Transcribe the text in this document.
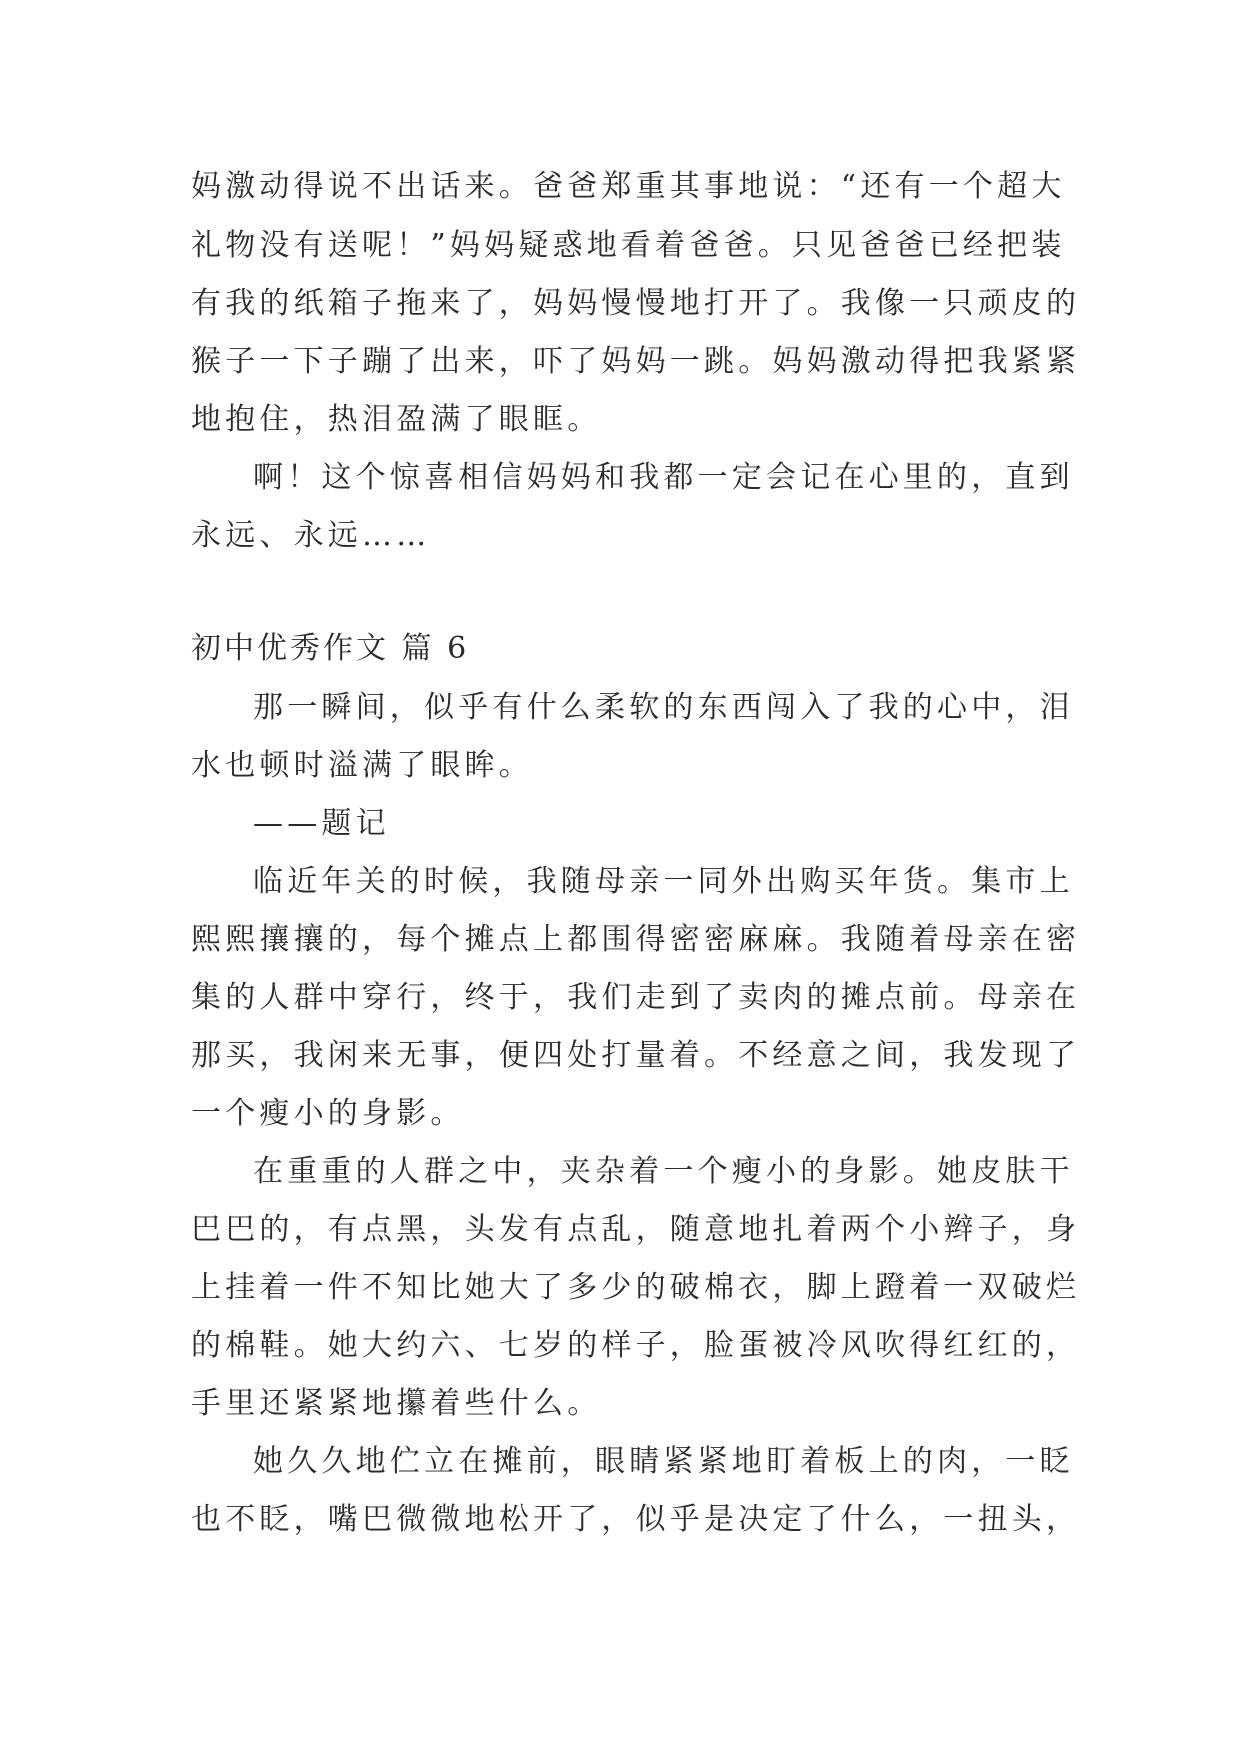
妈激动得说不出话来。爸爸郑重其事地说：“还有一个超大
礼物没有送呢！”妈妈疑惑地看着爸爸。只见爸爸已经把装
有我的纸箱子拖来了，妈妈慢慢地打开了。我像一只顽皮的
猴子一下子蹦了出来，吓了妈妈一跳。妈妈激动得把我紧紧
地抱住，热泪盈满了眼眶。
啊！这个惊喜相信妈妈和我都一定会记在心里的，直到
永远、永远……
初中优秀作文 篇 6
那一瞬间，似乎有什么柔软的东西闯入了我的心中，泪
水也顿时溢满了眼眸。
——题记
临近年关的时候，我随母亲一同外出购买年货。集市上
熙熙攘攘的，每个摊点上都围得密密麻麻。我随着母亲在密
集的人群中穿行，终于，我们走到了卖肉的摊点前。母亲在
那买，我闲来无事，便四处打量着。不经意之间，我发现了
一个瘦小的身影。
在重重的人群之中，夹杂着一个瘦小的身影。她皮肤干
巴巴的，有点黑，头发有点乱，随意地扎着两个小辫子，身
上挂着一件不知比她大了多少的破棉衣，脚上蹬着一双破烂
的棉鞋。她大约六、七岁的样子，脸蛋被冷风吹得红红的，
手里还紧紧地攥着些什么。
她久久地伫立在摊前，眼睛紧紧地盯着板上的肉，一眨
也不眨，嘴巴微微地松开了，似乎是决定了什么，一扭头，
